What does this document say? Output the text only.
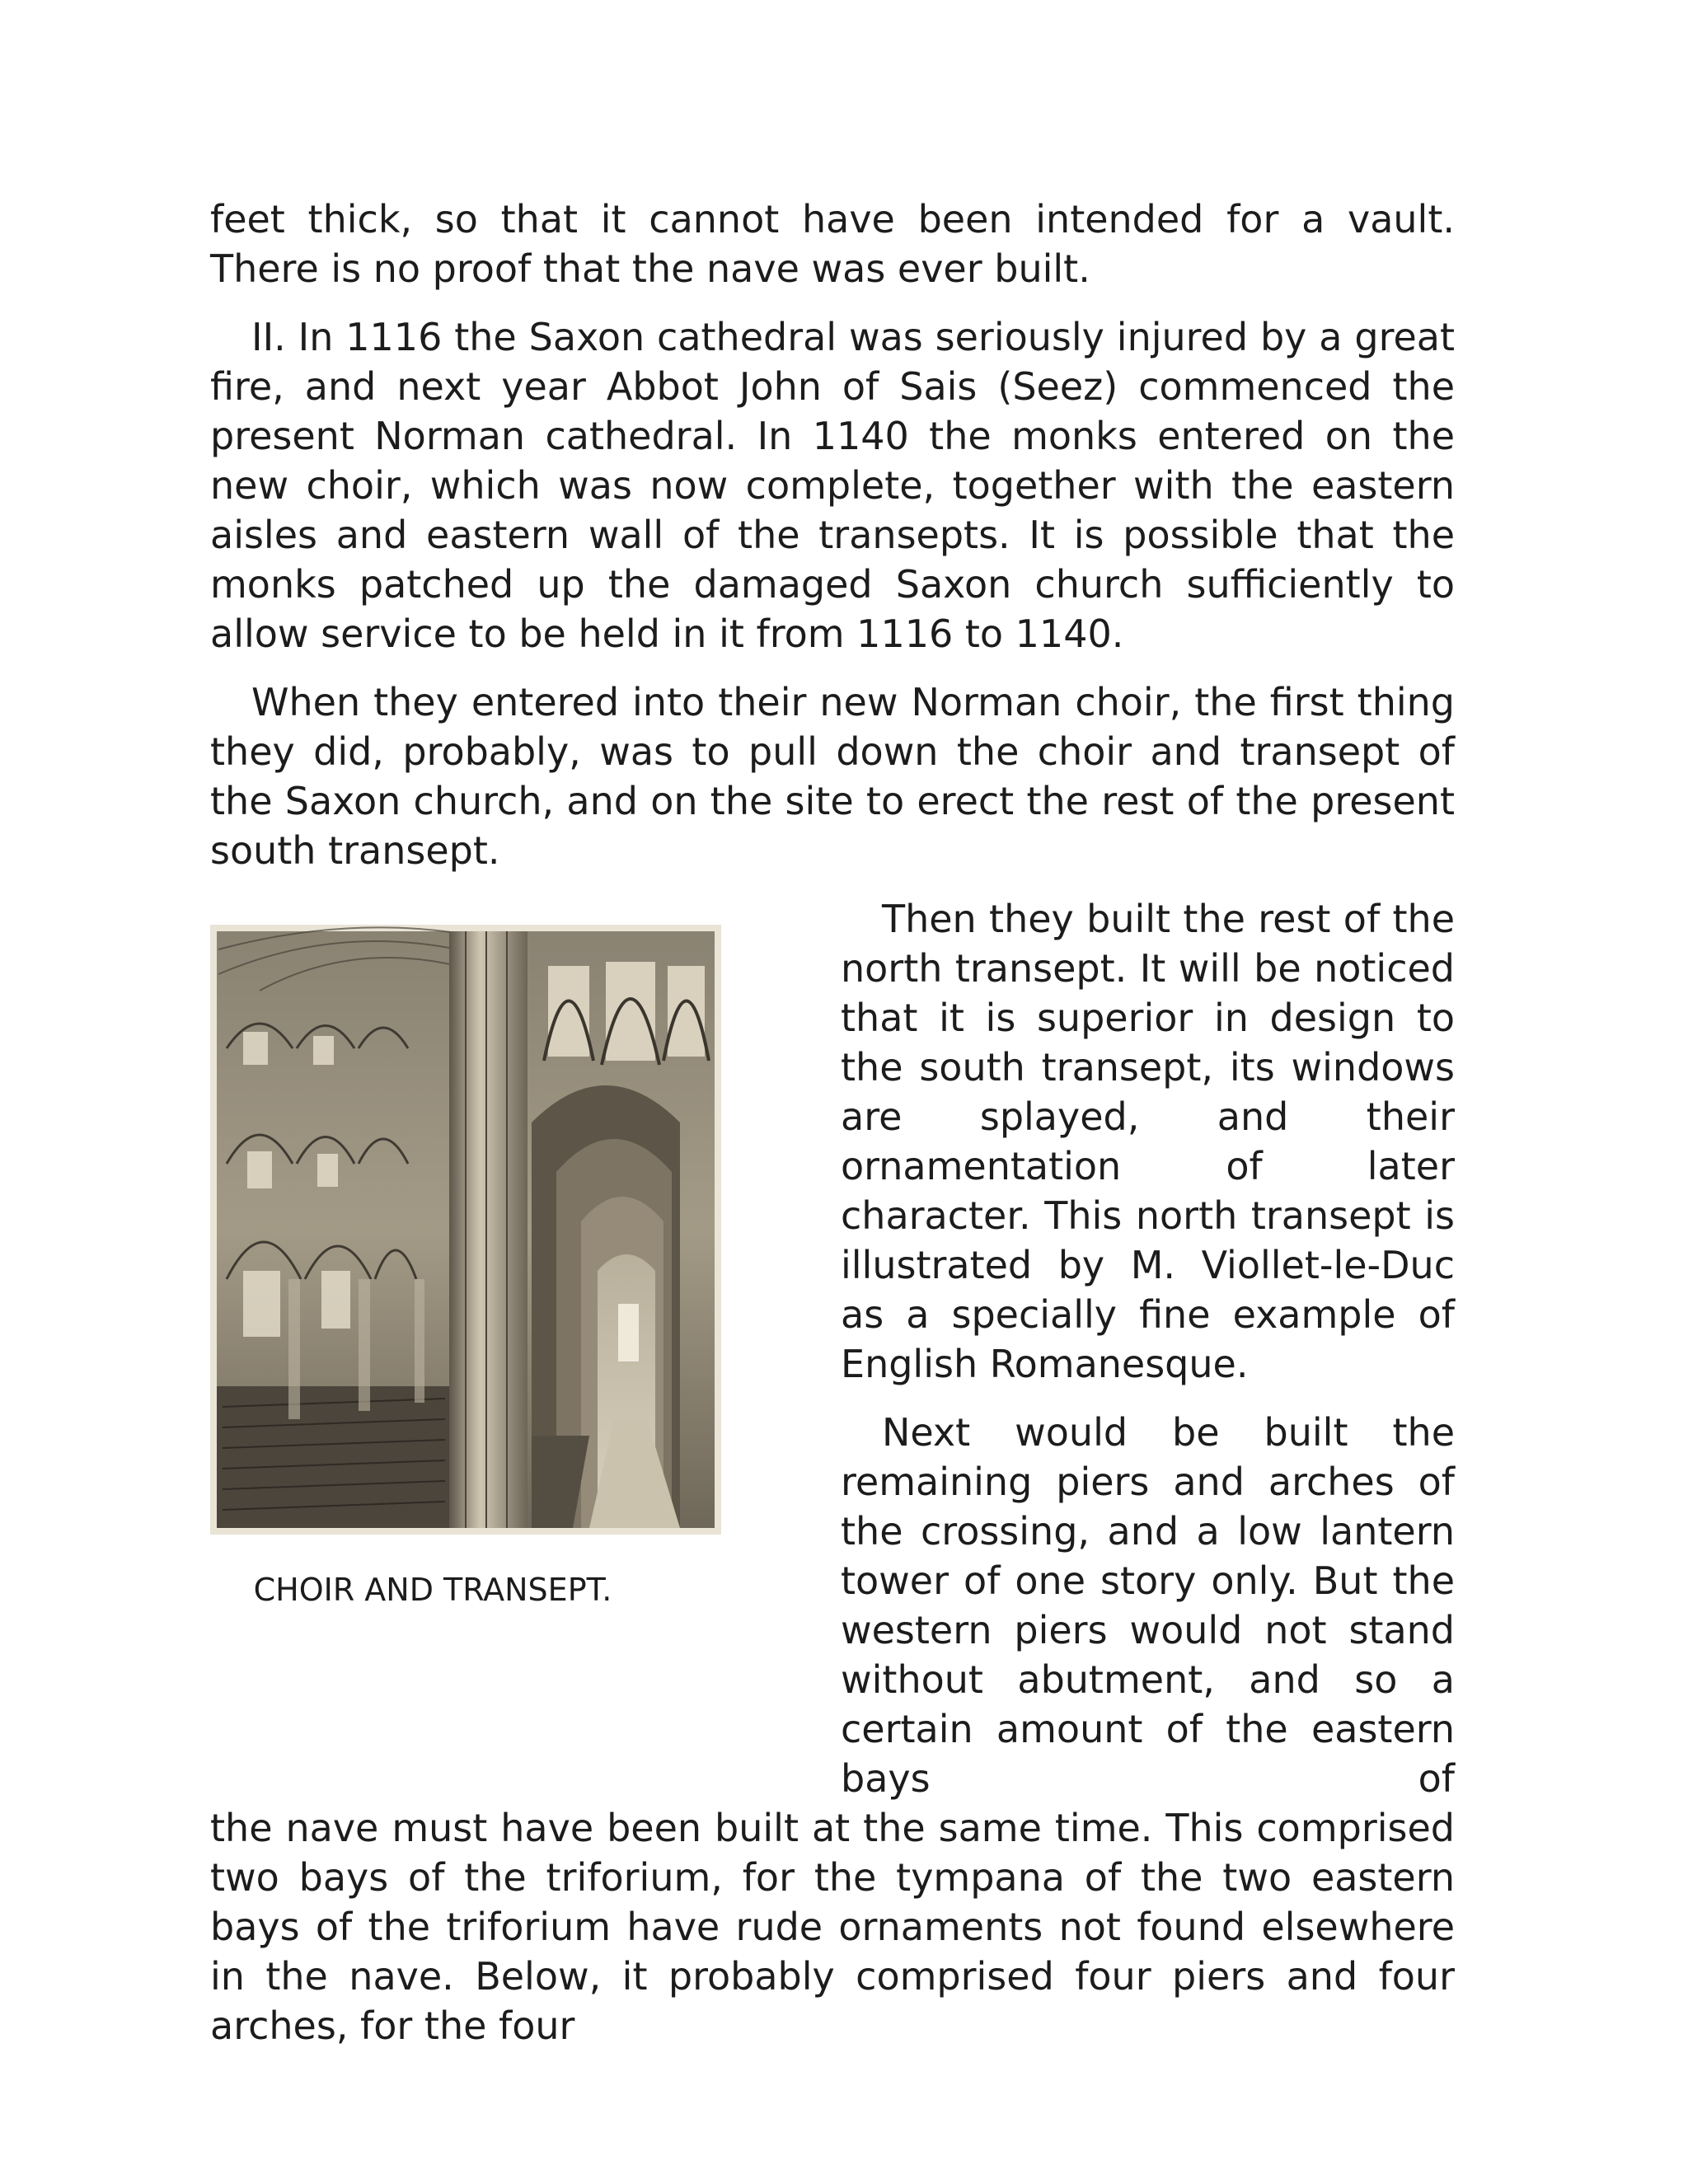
feet thick, so that it cannot have been intended for a vault. There is no proof that the nave was ever built.

II. In 1116 the Saxon cathedral was seriously injured by a great fire, and next year Abbot John of Sais (Seez) commenced the present Norman cathedral. In 1140 the monks entered on the new choir, which was now complete, together with the eastern aisles and eastern wall of the transepts. It is possible that the monks patched up the damaged Saxon church sufficiently to allow service to be held in it from 1116 to 1140.

When they entered into their new Norman choir, the first thing they did, probably, was to pull down the choir and transept of the Saxon church, and on the site to erect the rest of the present south transept.

CHOIR AND TRANSEPT.

Then they built the rest of the north transept. It will be noticed that it is superior in design to the south transept, its windows are splayed, and their ornamentation of later character. This north transept is illustrated by M. Viollet-le-Duc as a specially fine example of English Romanesque.

Next would be built the remaining piers and arches of the crossing, and a low lantern tower of one story only. But the western piers would not stand without abutment, and so a certain amount of the eastern bays of

the nave must have been built at the same time. This comprised two bays of the triforium, for the tympana of the two eastern bays of the triforium have rude ornaments not found elsewhere in the nave. Below, it probably comprised four piers and four arches, for the four
